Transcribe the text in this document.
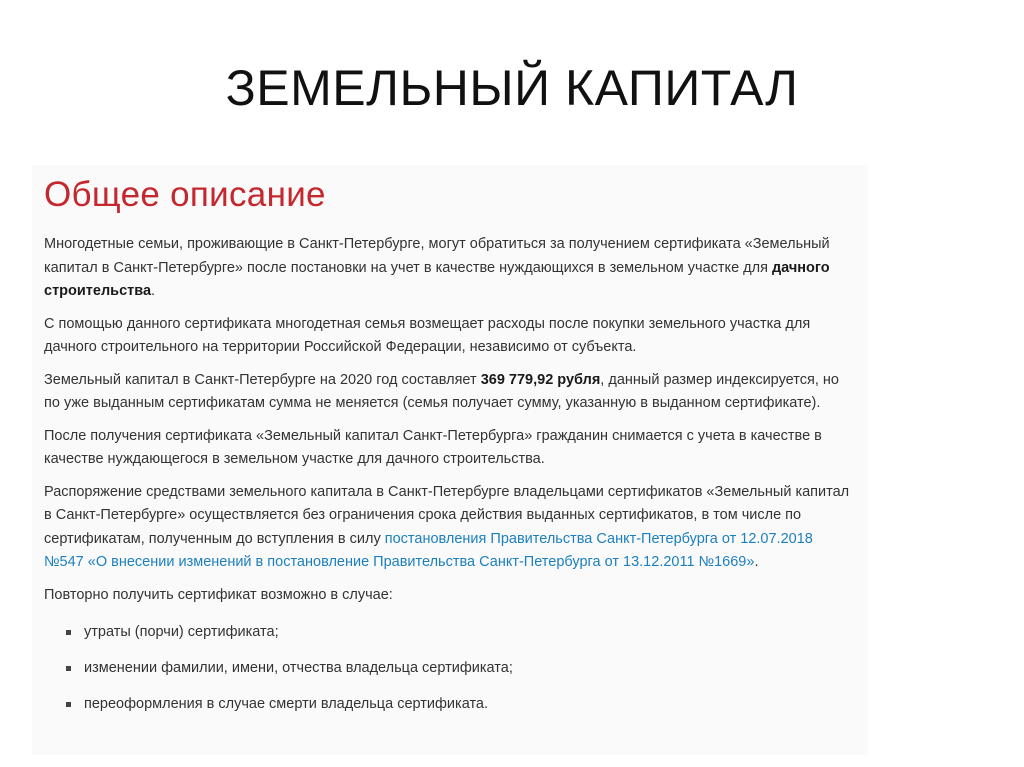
ЗЕМЕЛЬНЫЙ КАПИТАЛ
Общее описание

Многодетные семьи, проживающие в Санкт-Петербурге, могут обратиться за получением сертификата «Земельный капитал в Санкт-Петербурге» после постановки на учет в качестве нуждающихся в земельном участке для дачного строительства.

С помощью данного сертификата многодетная семья возмещает расходы после покупки земельного участка для дачного строительного на территории Российской Федерации, независимо от субъекта.

Земельный капитал в Санкт-Петербурге на 2020 год составляет 369 779,92 рубля, данный размер индексируется, но по уже выданным сертификатам сумма не меняется (семья получает сумму, указанную в выданном сертификате).

После получения сертификата «Земельный капитал Санкт-Петербурга» гражданин снимается с учета в качестве в качестве нуждающегося в земельном участке для дачного строительства.

Распоряжение средствами земельного капитала в Санкт-Петербурге владельцами сертификатов «Земельный капитал в Санкт-Петербурге» осуществляется без ограничения срока действия выданных сертификатов, в том числе по сертификатам, полученным до вступления в силу постановления Правительства Санкт-Петербурга от 12.07.2018 №547 «О внесении изменений в постановление Правительства Санкт-Петербурга от 13.12.2011 №1669».

Повторно получить сертификат возможно в случае:

утраты (порчи) сертификата;
изменении фамилии, имени, отчества владельца сертификата;
переоформления в случае смерти владельца сертификата.
